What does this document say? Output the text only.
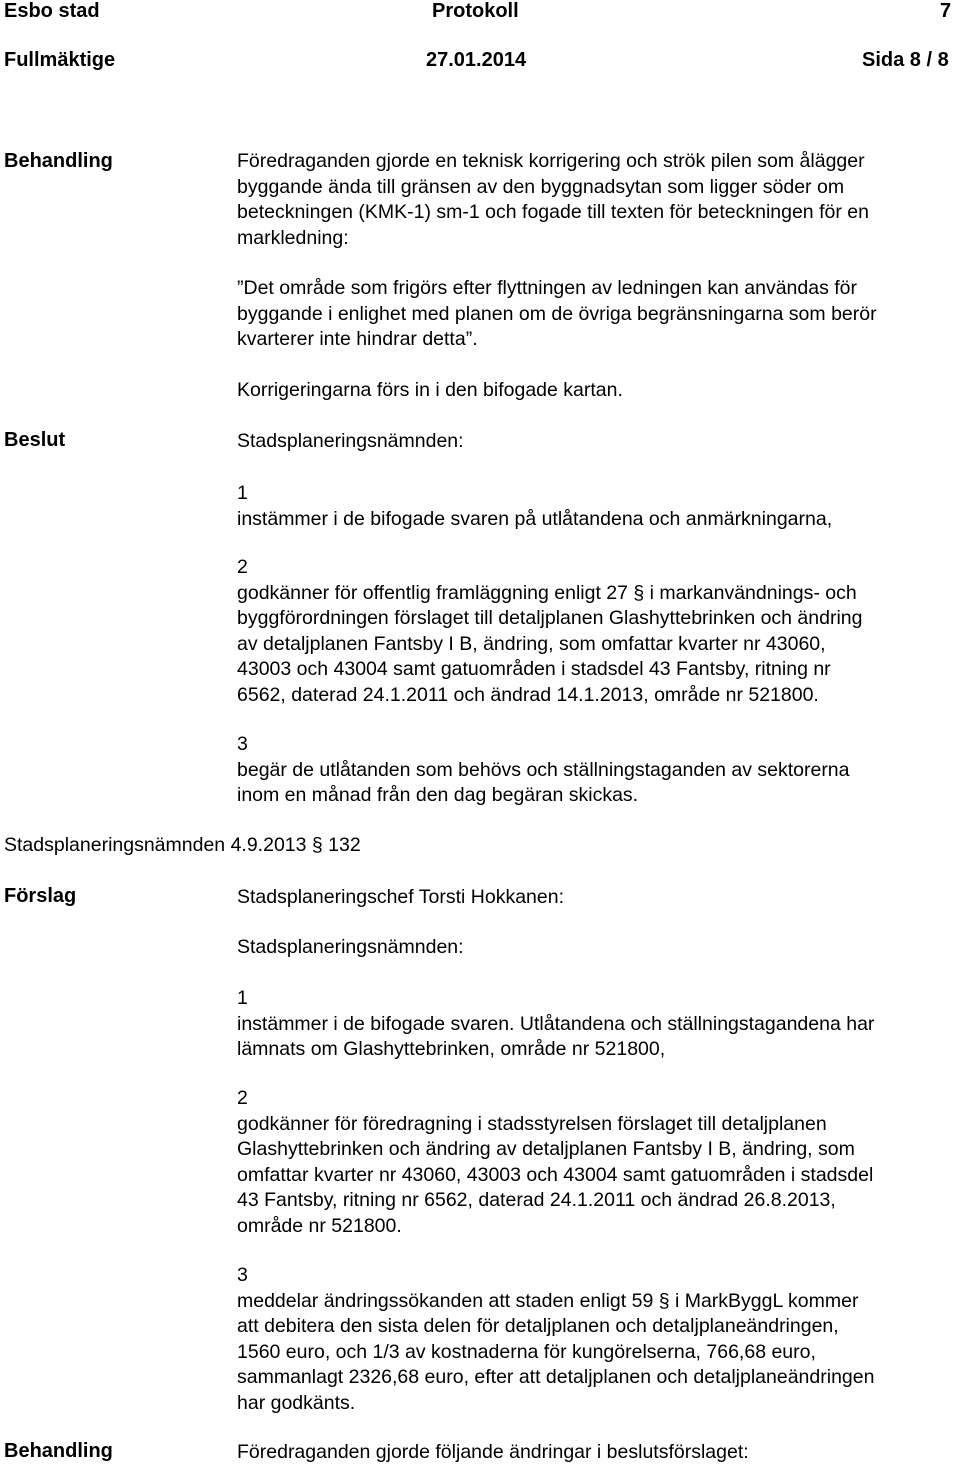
Esbo stad	Protokoll	7
Fullmäktige	27.01.2014	Sida 8 / 8
Behandling	Föredraganden gjorde en teknisk korrigering och strök pilen som ålägger
byggande ända till gränsen av den byggnadsytan som ligger söder om
beteckningen (KMK-1) sm-1 och fogade till texten för beteckningen för en
markledning:
”Det område som frigörs efter flyttningen av ledningen kan användas för
byggande i enlighet med planen om de övriga begränsningarna som berör
kvarterer inte hindrar detta”.
Korrigeringarna förs in i den bifogade kartan.
Beslut	Stadsplaneringsnämnden:
1
instämmer i de bifogade svaren på utlåtandena och anmärkningarna,
2
godkänner för offentlig framläggning enligt 27 § i markanvändnings- och
byggförordningen förslaget till detaljplanen Glashyttebrinken och ändring
av detaljplanen Fantsby I B, ändring, som omfattar kvarter nr 43060,
43003 och 43004 samt gatuområden i stadsdel 43 Fantsby, ritning nr
6562, daterad 24.1.2011 och ändrad 14.1.2013, område nr 521800.
3
begär de utlåtanden som behövs och ställningstaganden av sektorerna
inom en månad från den dag begäran skickas.
Stadsplaneringsnämnden 4.9.2013 § 132
Förslag	Stadsplaneringschef Torsti Hokkanen:
Stadsplaneringsnämnden:
1
instämmer i de bifogade svaren. Utlåtandena och ställningstagandena har
lämnats om Glashyttebrinken, område nr 521800,
2
godkänner för föredragning i stadsstyrelsen förslaget till detaljplanen
Glashyttebrinken och ändring av detaljplanen Fantsby I B, ändring, som
omfattar kvarter nr 43060, 43003 och 43004 samt gatuområden i stadsdel
43 Fantsby, ritning nr 6562, daterad 24.1.2011 och ändrad 26.8.2013,
område nr 521800.
3
meddelar ändringssökanden att staden enligt 59 § i MarkByggL kommer
att debitera den sista delen för detaljplanen och detaljplaneändringen,
1560 euro, och 1/3 av kostnaderna för kungörelserna, 766,68 euro,
sammanlagt 2326,68 euro, efter att detaljplanen och detaljplaneändringen
har godkänts.
Behandling	Föredraganden gjorde följande ändringar i beslutsförslaget:
